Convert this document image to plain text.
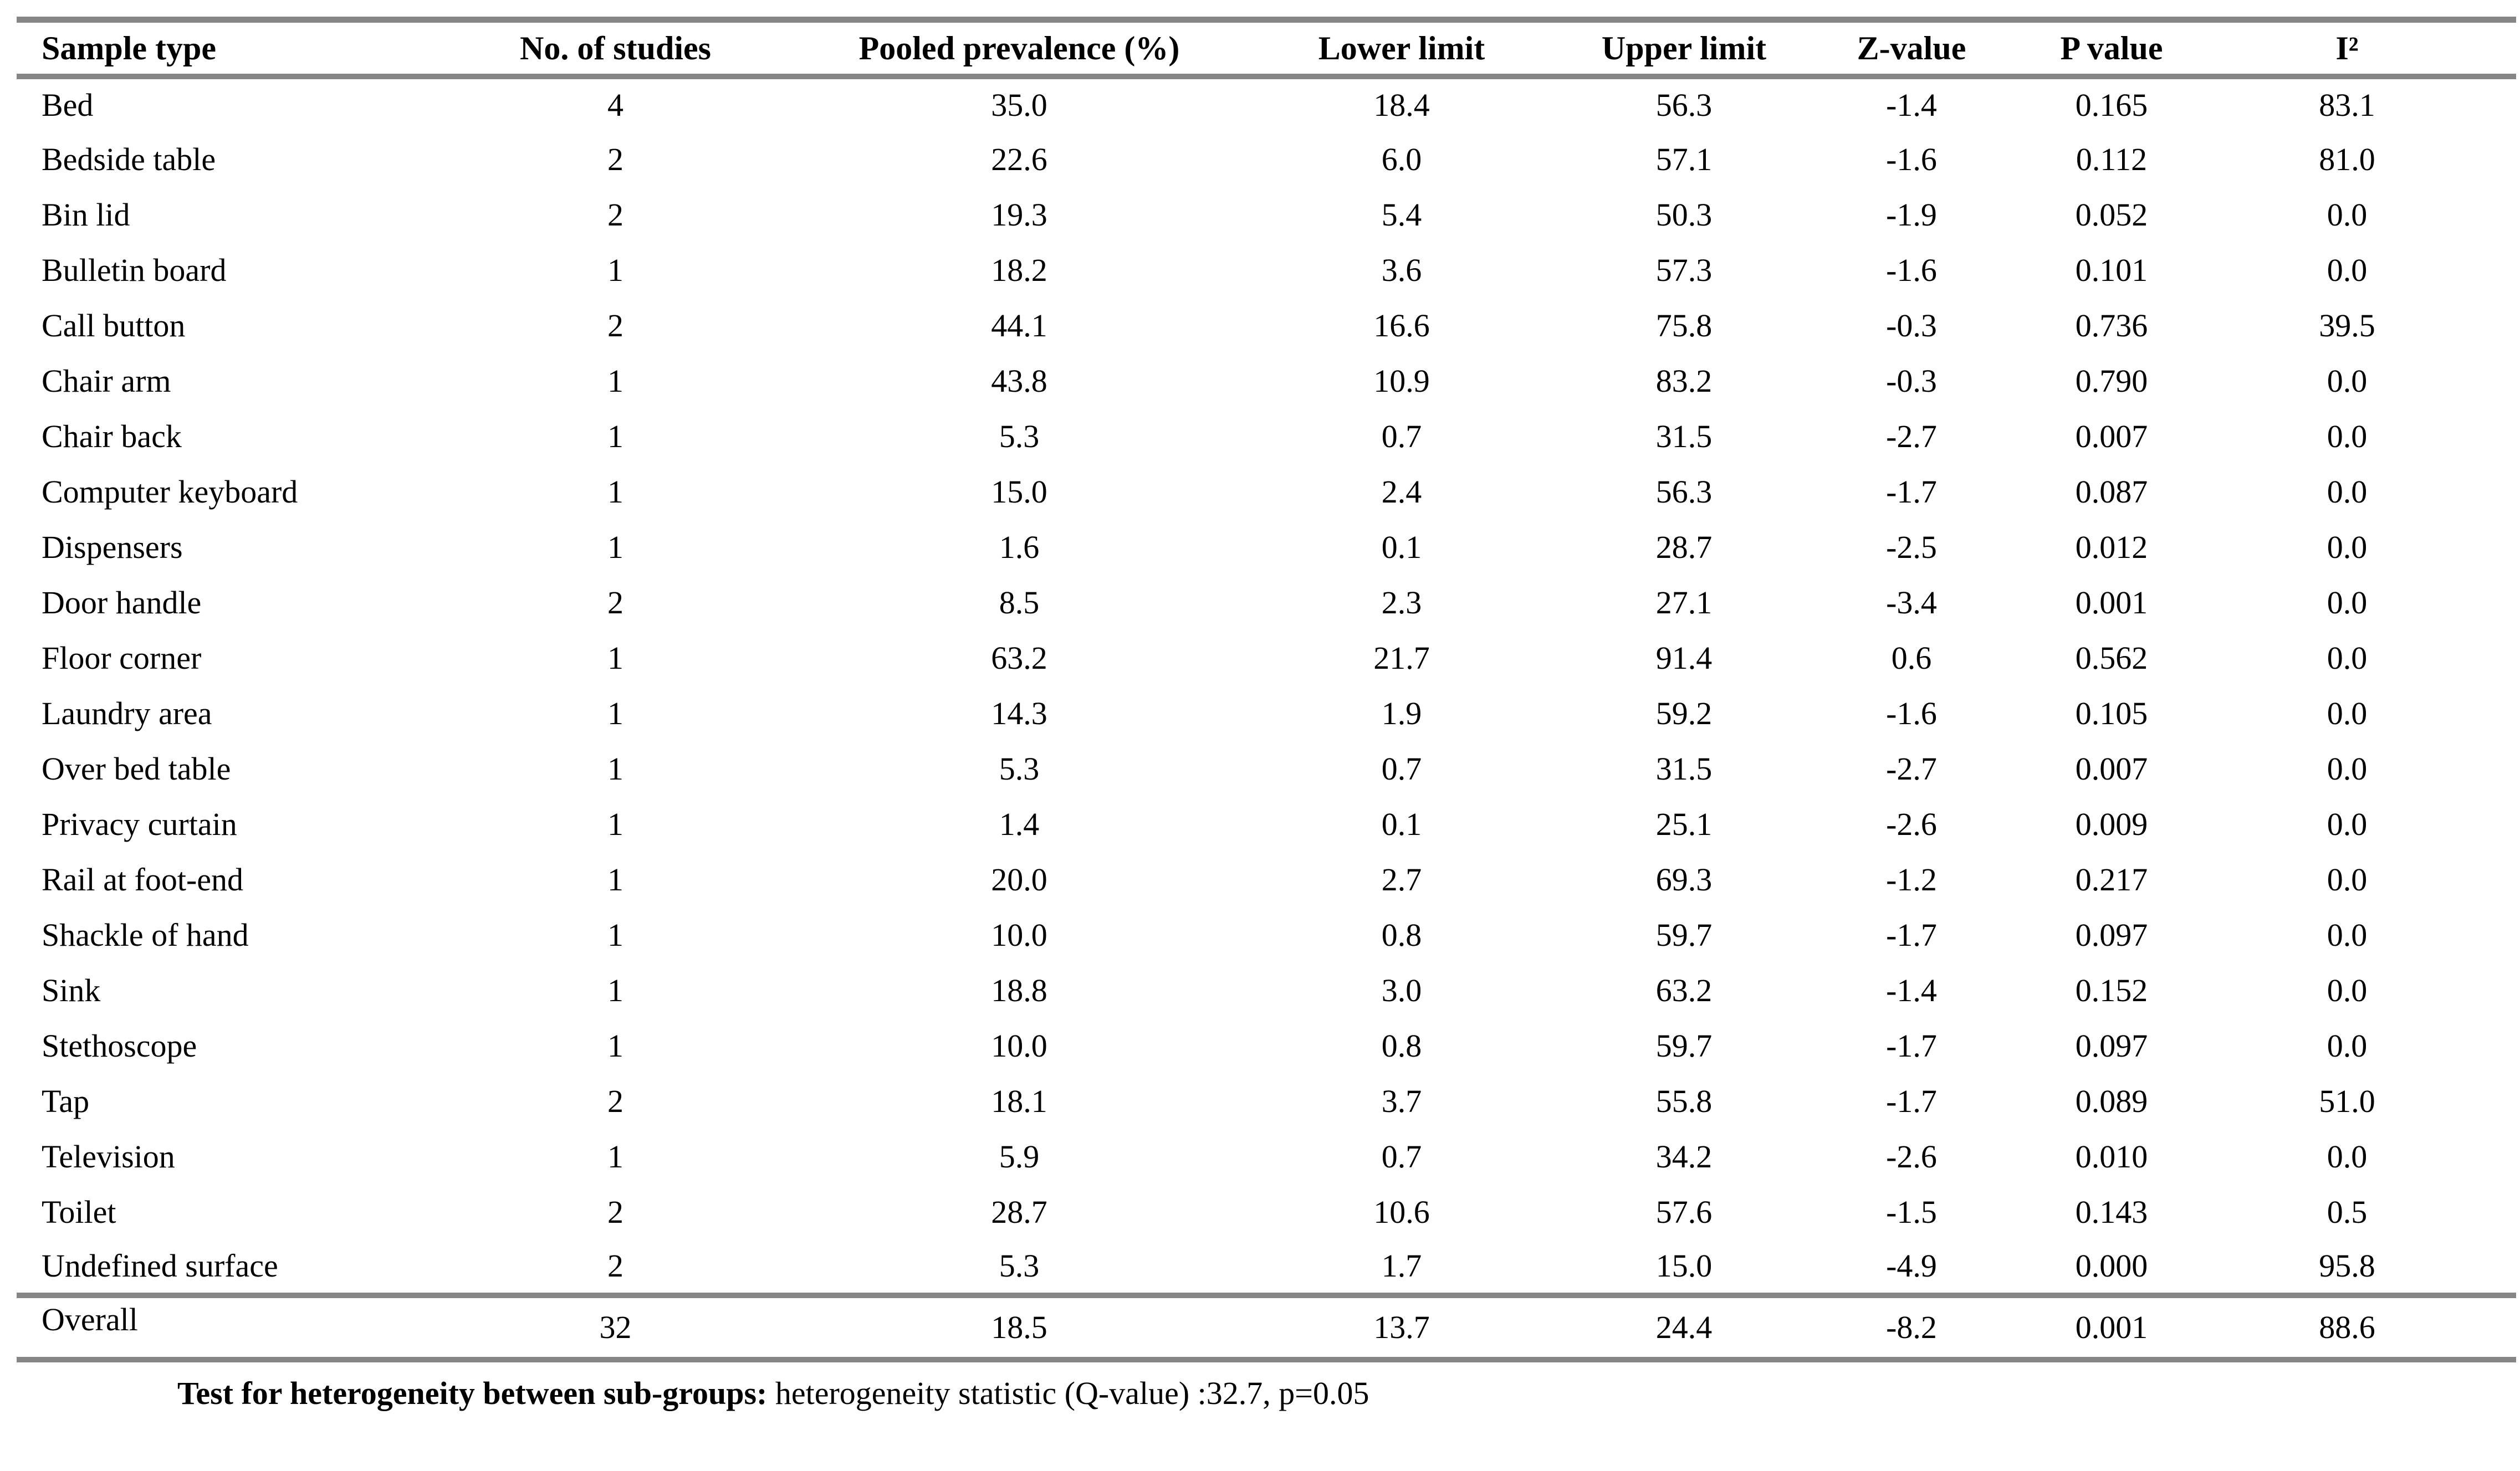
Sample type	No. of studies	Pooled prevalence (%)	Lower limit	Upper limit	Z-value	P value	I²
Bed	4	35.0	18.4	56.3	-1.4	0.165	83.1
Bedside table	2	22.6	6.0	57.1	-1.6	0.112	81.0
Bin lid	2	19.3	5.4	50.3	-1.9	0.052	0.0
Bulletin board	1	18.2	3.6	57.3	-1.6	0.101	0.0
Call button	2	44.1	16.6	75.8	-0.3	0.736	39.5
Chair arm	1	43.8	10.9	83.2	-0.3	0.790	0.0
Chair back	1	5.3	0.7	31.5	-2.7	0.007	0.0
Computer keyboard	1	15.0	2.4	56.3	-1.7	0.087	0.0
Dispensers	1	1.6	0.1	28.7	-2.5	0.012	0.0
Door handle	2	8.5	2.3	27.1	-3.4	0.001	0.0
Floor corner	1	63.2	21.7	91.4	0.6	0.562	0.0
Laundry area	1	14.3	1.9	59.2	-1.6	0.105	0.0
Over bed table	1	5.3	0.7	31.5	-2.7	0.007	0.0
Privacy curtain	1	1.4	0.1	25.1	-2.6	0.009	0.0
Rail at foot-end	1	20.0	2.7	69.3	-1.2	0.217	0.0
Shackle of hand	1	10.0	0.8	59.7	-1.7	0.097	0.0
Sink	1	18.8	3.0	63.2	-1.4	0.152	0.0
Stethoscope	1	10.0	0.8	59.7	-1.7	0.097	0.0
Tap	2	18.1	3.7	55.8	-1.7	0.089	51.0
Television	1	5.9	0.7	34.2	-2.6	0.010	0.0
Toilet	2	28.7	10.6	57.6	-1.5	0.143	0.5
Undefined surface	2	5.3	1.7	15.0	-4.9	0.000	95.8
Overall	32	18.5	13.7	24.4	-8.2	0.001	88.6
Test for heterogeneity between sub-groups: heterogeneity statistic (Q-value) :32.7, p=0.05
